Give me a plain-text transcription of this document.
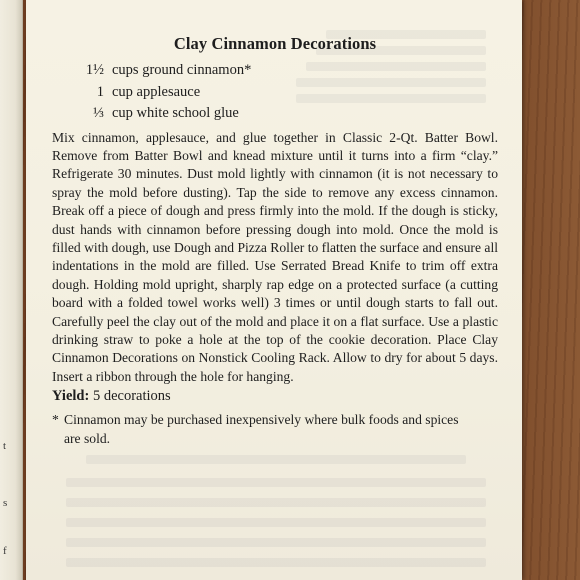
t
s
f
Clay Cinnamon Decorations
1½ cups ground cinnamon*
1 cup applesauce
⅓ cup white school glue

Mix cinnamon, applesauce, and glue together in Classic 2-Qt. Batter Bowl. Remove from Batter Bowl and knead mixture until it turns into a firm “clay.” Refrigerate 30 minutes. Dust mold lightly with cinnamon (it is not necessary to spray the mold before dusting). Tap the side to remove any excess cinnamon. Break off a piece of dough and press firmly into the mold. If the dough is sticky, dust hands with cinnamon before pressing dough into mold. Once the mold is filled with dough, use Dough and Pizza Roller to flatten the surface and ensure all indentations in the mold are filled. Use Serrated Bread Knife to trim off extra dough. Holding mold upright, sharply rap edge on a protected surface (a cutting board with a folded towel works well) 3 times or until dough starts to fall out. Carefully peel the clay out of the mold and place it on a flat surface. Use a plastic drinking straw to poke a hole at the top of the cookie decoration. Place Clay Cinnamon Decorations on Nonstick Cooling Rack. Allow to dry for about 5 days. Insert a ribbon through the hole for hanging.

Yield: 5 decorations
* Cinnamon may be purchased inexpensively where bulk foods and spices are sold.
